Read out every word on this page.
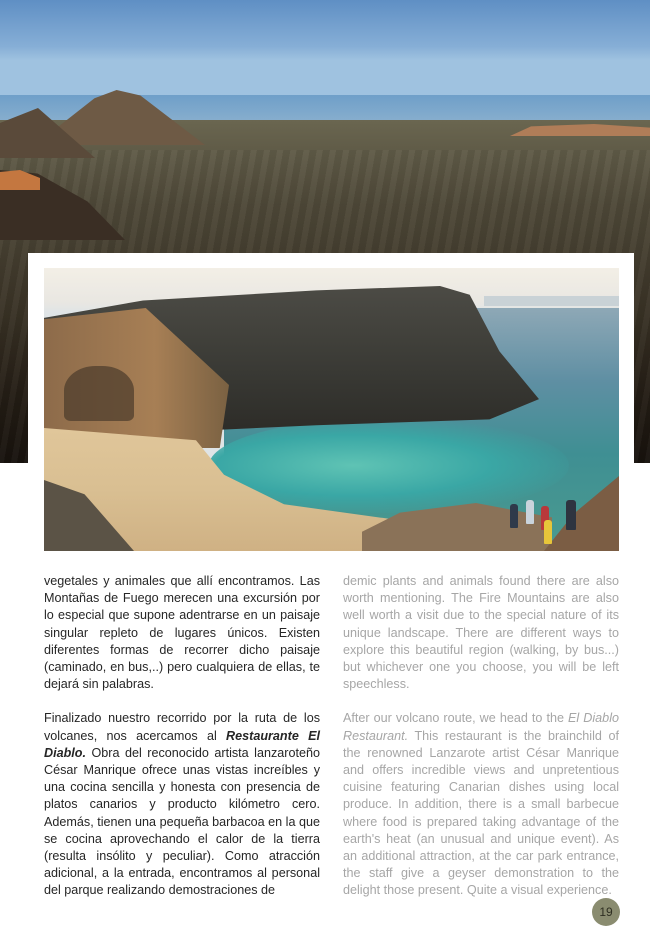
vegetales y animales que allí encontramos. Las Montañas de Fuego merecen una excursión por lo especial que supone adentrarse en un paisaje singular repleto de lugares únicos. Existen diferentes formas de recorrer dicho paisaje (caminado, en bus,..) pero cualquiera de ellas, te dejará sin palabras.

Finalizado nuestro recorrido por la ruta de los volcanes, nos acercamos al Restaurante El Diablo. Obra del reconocido artista lanzaroteño César Manrique ofrece unas vistas increíbles y una cocina sencilla y honesta con presencia de platos canarios y producto kilómetro cero. Además, tienen una pequeña barbacoa en la que se cocina aprovechando el calor de la tierra (resulta insólito y peculiar). Como atracción adicional, a la entrada, encontramos al personal del parque realizando demostraciones de

demic plants and animals found there are also worth mentioning. The Fire Mountains are also well worth a visit due to the special nature of its unique landscape. There are different ways to explore this beautiful region (walking, by bus...) but whichever one you choose, you will be left speechless.

After our volcano route, we head to the El Diablo Restaurant. This restaurant is the brainchild of the renowned Lanzarote artist César Manrique and offers incredible views and unpretentious cuisine featuring Canarian dishes using local produce. In addition, there is a small barbecue where food is prepared taking advantage of the earth's heat (an unusual and unique event). As an additional attraction, at the car park entrance, the staff give a geyser demonstration to the delight those present. Quite a visual experience.

19
